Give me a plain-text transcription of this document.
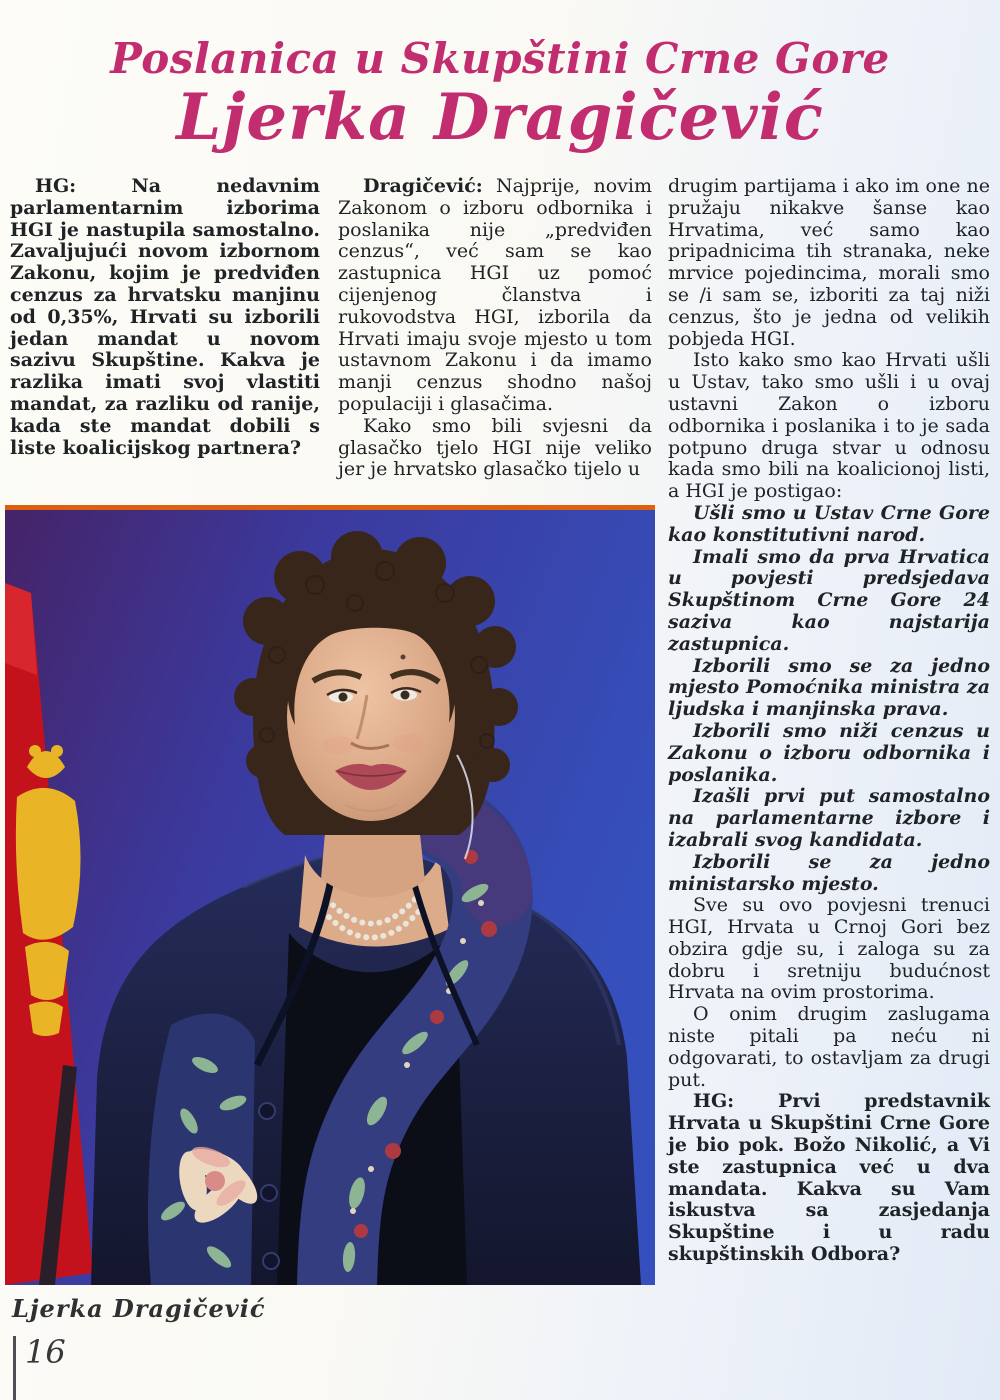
Poslanica u Skupštini Crne Gore

Ljerka Dragičević

HG:	Na nedavnim parlamentarnim izborima HGI je nastupila samostalno. Zavaljujući novom izbornom Zakonu, kojim je predviđen cenzus za hrvatsku manjinu od 0,35%, Hrvati su izborili jedan mandat u novom sazivu Skupštine. Kakva je razlika imati svoj vlastiti mandat, za razliku od ranije, kada ste mandat dobili s liste koalicijskog partnera?

Dragičević: Najprije, novim Zakonom o izboru odbornika i poslanika nije „predviđen cenzus“, već sam se kao zastupnica HGI uz pomoć cijenjenog članstva i rukovodstva HGI, izborila da Hrvati imaju svoje mjesto u tom ustavnom Zakonu i da imamo manji cenzus shodno našoj populaciji i glasačima.

Kako smo bili svjesni da glasačko tjelo HGI nije veliko jer je hrvatsko glasačko tijelo u

drugim partijama i ako im one ne pružaju nikakve šanse kao Hrvatima, već samo kao pripadnicima tih stranaka, neke mrvice pojedincima, morali smo se /i sam se, izboriti za taj niži cenzus, što je jedna od velikih pobjeda HGI.

Isto kako smo kao Hrvati ušli u Ustav, tako smo ušli i u ovaj ustavni Zakon o izboru odbornika i poslanika i to je sada potpuno druga stvar u odnosu kada smo bili na koalicionoj listi, a HGI je postigao:

Ušli smo u Ustav Crne Gore kao konstitutivni narod.

Imali smo da prva Hrvatica u povjesti predsjedava Skupštinom Crne Gore 24 saziva kao najstarija zastupnica.

Izborili smo se za jedno mjesto Pomoćnika ministra za ljudska i manjinska prava.

Izborili smo niži cenzus u Zakonu o izboru odbornika i poslanika.

Izašli prvi put samostalno na parlamentarne izbore i izabrali svog kandidata.

Izborili se za jedno ministarsko mjesto.

Sve su ovo povjesni trenuci HGI, Hrvata u Crnoj Gori bez obzira gdje su, i zaloga su za dobru i sretniju budućnost Hrvata na ovim prostorima.

O onim drugim zaslugama niste pitali pa neću ni odgovarati, to ostavljam za drugi put.

HG: Prvi predstavnik Hrvata u Skupštini Crne Gore je bio pok. Božo Nikolić, a Vi ste zastupnica već u dva mandata. Kakva su Vam iskustva sa zasjedanja Skupštine i u radu skupštinskih Odbora?

Ljerka Dragičević
16
